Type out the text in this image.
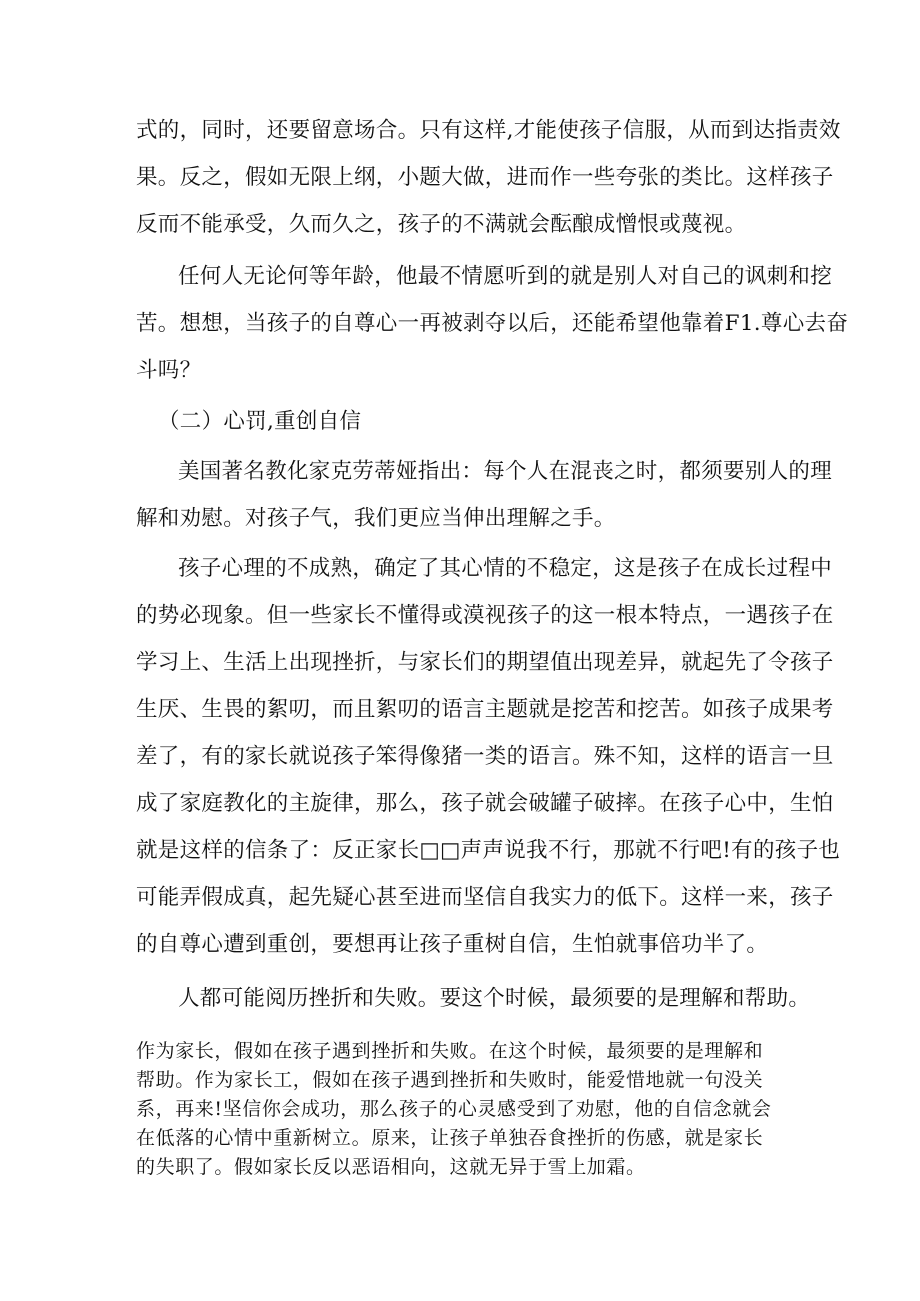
式的，同时，还要留意场合。只有这样,才能使孩子信服，从而到达指责效
果。反之，假如无限上纲，小题大做，进而作一些夸张的类比。这样孩子
反而不能承受，久而久之，孩子的不满就会酝酿成憎恨或蔑视。
任何人无论何等年龄，他最不情愿听到的就是别人对自己的讽刺和挖
苦。想想，当孩子的自尊心一再被剥夺以后，还能希望他靠着F1.尊心去奋
斗吗？
（二）心罚,重创自信
美国著名教化家克劳蒂娅指出：每个人在混丧之时，都须要别人的理
解和劝慰。对孩子气，我们更应当伸出理解之手。
孩子心理的不成熟，确定了其心情的不稳定，这是孩子在成长过程中
的势必现象。但一些家长不懂得或漠视孩子的这一根本特点，一遇孩子在
学习上、生活上出现挫折，与家长们的期望值出现差异，就起先了令孩子
生厌、生畏的絮叨，而且絮叨的语言主题就是挖苦和挖苦。如孩子成果考
差了，有的家长就说孩子笨得像猪一类的语言。殊不知，这样的语言一旦
成了家庭教化的主旋律，那么，孩子就会破罐子破摔。在孩子心中，生怕
就是这样的信条了：反正家长□□声声说我不行，那就不行吧!有的孩子也
可能弄假成真，起先疑心甚至进而坚信自我实力的低下。这样一来，孩子
的自尊心遭到重创，要想再让孩子重树自信，生怕就事倍功半了。
人都可能阅历挫折和失败。要这个时候，最须要的是理解和帮助。
作为家长，假如在孩子遇到挫折和失败。在这个时候，最须要的是理解和
帮助。作为家长工，假如在孩子遇到挫折和失败时，能爱惜地就一句没关
系，再来!坚信你会成功，那么孩子的心灵感受到了劝慰，他的自信念就会
在低落的心情中重新树立。原来，让孩子单独吞食挫折的伤感，就是家长
的失职了。假如家长反以恶语相向，这就无异于雪上加霜。
